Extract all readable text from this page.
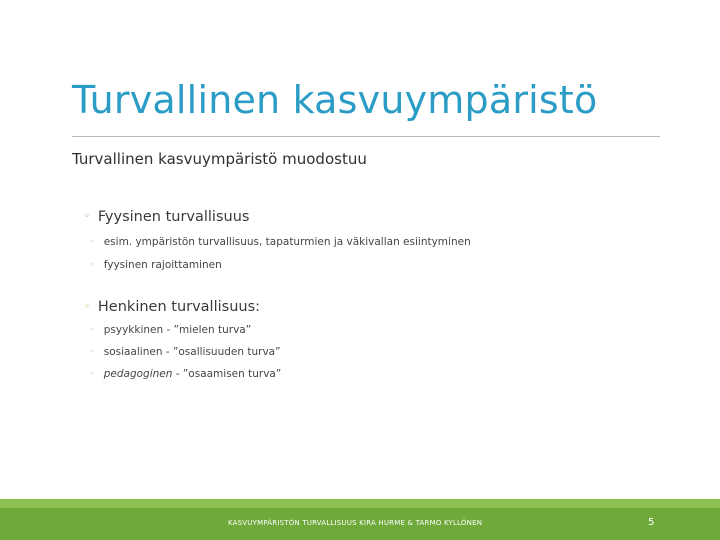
Turvallinen kasvuympäristö
Turvallinen kasvuympäristö muodostuu
◦ Fyysinen turvallisuus
◦ esim. ympäristön turvallisuus, tapaturmien ja väkivallan esiintyminen
◦ fyysinen rajoittaminen
◦ Henkinen turvallisuus:
◦ psyykkinen - ”mielen turva”
◦ sosiaalinen - ”osallisuuden turva”
◦ pedagoginen - ”osaamisen turva”
KASVUYMPÄRISTÖN TURVALLISUUS KIRA HURME & TARMO KYLLÖNEN	5
